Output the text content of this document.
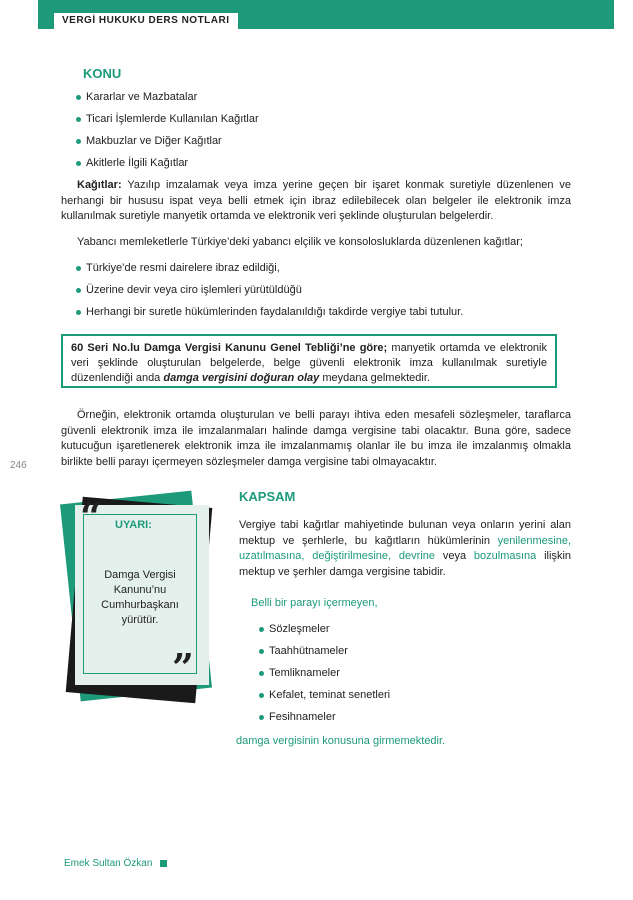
VERGİ HUKUKU DERS NOTLARI
KONU
Kararlar ve Mazbatalar
Ticari İşlemlerde Kullanılan Kağıtlar
Makbuzlar ve Diğer Kağıtlar
Akitlerle İlgili Kağıtlar
Kağıtlar: Yazılıp imzalamak veya imza yerine geçen bir işaret konmak suretiyle düzenlenen ve herhangi bir hususu ispat veya belli etmek için ibraz edilebilecek olan belgeler ile elektronik imza kullanılmak suretiyle manyetik ortamda ve elektronik veri şeklinde oluşturulan belgelerdir.
Yabancı memleketlerle Türkiye’deki yabancı elçilik ve konsolosluklarda düzenlenen kağıtlar;
Türkiye’de resmi dairelere ibraz edildiği,
Üzerine devir veya ciro işlemleri yürütüldüğü
Herhangi bir suretle hükümlerinden faydalanıldığı takdirde vergiye tabi tutulur.
60 Seri No.lu Damga Vergisi Kanunu Genel Tebliği’ne göre; manyetik ortamda ve elektronik veri şeklinde oluşturulan belgelerde, belge güvenli elektronik imza kullanılmak suretiyle düzenlendiği anda damga vergisini doğuran olay meydana gelmektedir.
Örneğin, elektronik ortamda oluşturulan ve belli parayı ihtiva eden mesafeli sözleşmeler, taraflarca güvenli elektronik imza ile imzalanmaları halinde damga vergisine tabi olacaktır. Buna göre, sadece kutucuğun işaretlenerek elektronik imza ile imzalanmamış olanlar ile bu imza ile imzalanmış olmakla birlikte belli parayı içermeyen sözleşmeler damga vergisine tabi olmayacaktır.
246
“ UYARI:
Damga Vergisi Kanunu’nu Cumhurbaşkanı yürütür.
”
KAPSAM
Vergiye tabi kağıtlar mahiyetinde bulunan veya onların yerini alan mektup ve şerhlerle, bu kağıtların hükümlerinin yenilenmesine, uzatılmasına, değiştirilmesine, devrine veya bozulmasına ilişkin mektup ve şerhler damga vergisine tabidir.
Belli bir parayı içermeyen,
Sözleşmeler
Taahhütnameler
Temliknameler
Kefalet, teminat senetleri
Fesihnameler
damga vergisinin konusuna girmemektedir.
Emek Sultan Özkan
